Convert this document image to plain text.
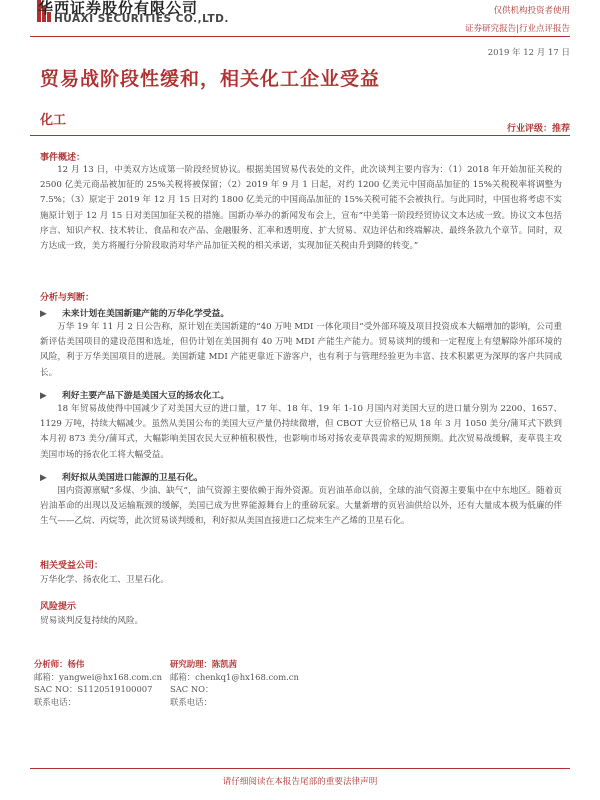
华西证券股份有限公司
HUAXI SECURITIES CO.,LTD.
仅供机构投资者使用
证券研究报告|行业点评报告
2019 年 12 月 17 日
贸易战阶段性缓和，相关化工企业受益
化工
行业评级：推荐
事件概述：

12 月 13 日，中美双方达成第一阶段经贸协议。根据美国贸易代表处的文件，此次谈判主要内容为：（1）2018 年开始加征关税的 2500 亿美元商品被加征的 25%关税将被保留；（2）2019 年 9 月 1 日起，对约 1200 亿美元中国商品加征的 15%关税税率将调整为 7.5%；（3）原定于 2019 年 12 月 15 日对约 1800 亿美元的中国商品加征的 15%关税可能不会被执行。与此同时，中国也将考虑不实施原计划于 12 月 15 日对美国加征关税的措施。国新办举办的新闻发布会上，宣布“中美第一阶段经贸协议文本达成一致。协议文本包括序言、知识产权、技术转让、食品和农产品、金融服务、汇率和透明度、扩大贸易、双边评估和终端解决、最终条款九个章节。同时，双方达成一致，美方将履行分阶段取消对华产品加征关税的相关承诺，实现加征关税由升到降的转变。”

分析与判断：
▶ 未来计划在美国新建产能的万华化学受益。

万华 19 年 11 月 2 日公告称，原计划在美国新建的“40 万吨 MDI 一体化项目”受外部环境及项目投资成本大幅增加的影响，公司重新评估美国项目的建设范围和选址，但仍计划在美国拥有 40 万吨 MDI 产能生产能力。贸易谈判的缓和一定程度上有望解除外部环境的风险，利于万华美国项目的进展。美国新建 MDI 产能更靠近下游客户，也有利于与管理经验更为丰富、技术积累更为深厚的客户共同成长。

▶ 利好主要产品下游是美国大豆的扬农化工。

18 年贸易战使得中国减少了对美国大豆的进口量，17 年、18 年、19 年 1-10 月国内对美国大豆的进口量分别为 2200、1657、1129 万吨，持续大幅减少。虽然从美国公布的美国大豆产量仍持续微增，但 CBOT 大豆价格已从 18 年 3 月 1050 美分/蒲耳式下跌到本月初 873 美分/蒲耳式，大幅影响美国农民大豆种植积极性，也影响市场对扬农麦草畏需求的短期预期。此次贸易战缓解，麦草畏主攻美国市场的扬农化工将大幅受益。

▶ 利好拟从美国进口能源的卫星石化。

国内资源禀赋“多煤、少油、缺气”，油气资源主要依赖于海外资源。页岩油革命以前，全球的油气资源主要集中在中东地区。随着页岩油革命的出现以及运输瓶颈的缓解，美国已成为世界能源舞台上的重磅玩家。大量新增的页岩油供给以外，还有大量成本极为低廉的伴生气——乙烷、丙烷等，此次贸易谈判缓和，利好拟从美国直接进口乙烷来生产乙烯的卫星石化。

相关受益公司：
万华化学、扬农化工、卫星石化。
风险提示
贸易谈判反复持续的风险。
分析师：杨伟
邮箱：yangwei@hx168.com.cn
SAC NO：S1120519100007
联系电话：
研究助理：陈凯茜
邮箱：chenkq1@hx168.com.cn
SAC NO：
联系电话：
请仔细阅读在本报告尾部的重要法律声明
